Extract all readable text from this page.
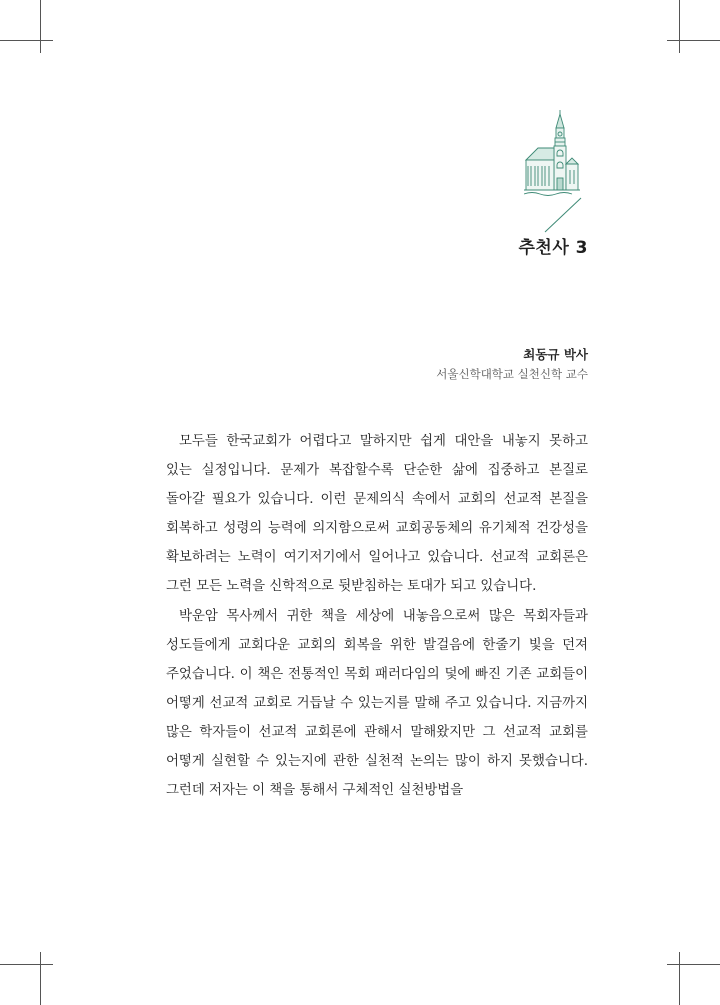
추천사 3
최동규 박사
서울신학대학교 실천신학 교수

모두들 한국교회가 어렵다고 말하지만 쉽게 대안을 내놓지 못하고 있는 실정입니다. 문제가 복잡할수록 단순한 삶에 집중하고 본질로 돌아갈 필요가 있습니다. 이런 문제의식 속에서 교회의 선교적 본질을 회복하고 성령의 능력에 의지함으로써 교회공동체의 유기체적 건강성을 확보하려는 노력이 여기저기에서 일어나고 있습니다. 선교적 교회론은 그런 모든 노력을 신학적으로 뒷받침하는 토대가 되고 있습니다.

박운암 목사께서 귀한 책을 세상에 내놓음으로써 많은 목회자들과 성도들에게 교회다운 교회의 회복을 위한 발걸음에 한줄기 빛을 던져 주었습니다. 이 책은 전통적인 목회 패러다임의 덫에 빠진 기존 교회들이 어떻게 선교적 교회로 거듭날 수 있는지를 말해 주고 있습니다. 지금까지 많은 학자들이 선교적 교회론에 관해서 말해왔지만 그 선교적 교회를 어떻게 실현할 수 있는지에 관한 실천적 논의는 많이 하지 못했습니다. 그런데 저자는 이 책을 통해서 구체적인 실천방법을
